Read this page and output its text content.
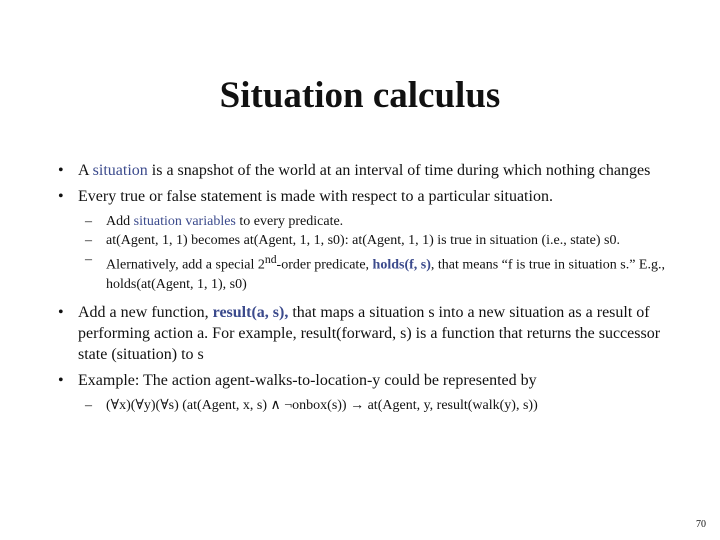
Situation calculus
• A situation is a snapshot of the world at an interval of time during which nothing changes
• Every true or false statement is made with respect to a particular situation.
– Add situation variables to every predicate.
– at(Agent, 1, 1) becomes at(Agent, 1, 1, s0): at(Agent, 1, 1) is true in situation (i.e., state) s0.
– Alernatively, add a special 2nd-order predicate, holds(f, s), that means “f is true in situation s.” E.g., holds(at(Agent, 1, 1), s0)
• Add a new function, result(a, s), that maps a situation s into a new situation as a result of performing action a. For example, result(forward, s) is a function that returns the successor state (situation) to s
• Example: The action agent-walks-to-location-y could be represented by
– (∀x)(∀y)(∀s) (at(Agent, x, s) ∧ ¬onbox(s)) → at(Agent, y, result(walk(y), s))
70
